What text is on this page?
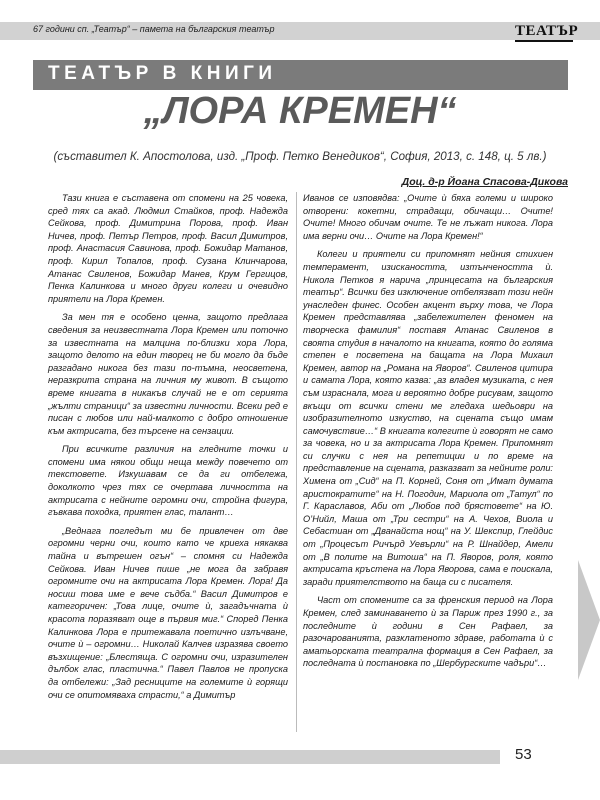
67 години сп. „Театър“ – памета на българския театър	ТЕАТЪР
ТЕАТЪР В КНИГИ
„ЛОРА КРЕМЕН“
(съставител К. Апостолова, изд. „Проф. Петко Венедиков“, София, 2013, с. 148, ц. 5 лв.)
Доц. д-р Йоана Спасова-Дикова

Тази книга е съставена от спомени на 25 човека, сред тях са акад. Людмил Стайков, проф. Надежда Сейкова, проф. Димитрина Порова, проф. Иван Ничев, проф. Петър Петров, проф. Васил Димитров, проф. Анастасия Савинова, проф. Божидар Матанов, проф. Кирил Топалов, проф. Сузана Клинчарова, Атанас Свиленов, Божидар Манев, Крум Гергицов, Пенка Калинкова и много други колеги и очевидно приятели на Лора Кремен.

За мен тя е особено ценна, защото предлага сведения за неизвестната Лора Кремен или поточно за известната на малцина по-близки хора Лора, защото делото на един творец не би могло да бъде разгадано никога без тази по-тъмна, неосветена, неразкрита страна на личния му живот. В същото време книгата в никакъв случай не е от серията „жълти страници“ за известни личности. Всеки ред е писан с любов или най-малкото с добро отношение към актрисата, без търсене на сензации.

При всичките различия на гледните точки и спомени има някои общи неща между повечето от текстовете. Изкушавам се да ги отбележа, доколкото чрез тях се очертава личността на актрисата с нейните огромни очи, стройна фигура, гъвкава походка, приятен глас, талант…

„Веднага погледът ми бе привлечен от две огромни черни очи, които като че криеха някаква тайна и вътрешен огън“ – спомня си Надежда Сейкова. Иван Ничев пише „не мога да забравя огромните очи на актрисата Лора Кремен. Лора! Да носиш това име е вече съдба.“ Васил Димитров е категоричен: „Това лице, очите ѝ, загадъчната ѝ красота поразяват още в първия миг.“ Според Пенка Калинкова Лора е притежавала поетично излъчване, очите ѝ – огромни… Николай Калчев изразява своето възхищение: „Блестяща. С огромни очи, изразителен дълбок глас, пластична.“ Павел Павлов не пропуска да отбележи: „Зад ресниците на големите ѝ горящи очи се опитомяваха страсти,“ а Димитър

Иванов се изповядва: „Очите ѝ бяха големи и широко отворени: кокетни, страдащи, обичащи… Очите! Очите! Много обичам очите. Те не лъжат никога. Лора има верни очи… Очите на Лора Кремен!“

Колеги и приятели си припомнят нейния стихиен темперамент, изискаността, изтънчеността ѝ. Никола Петков я нарича „принцесата на българския театър“. Всички без изключение отбелязват този нейн унаследен финес. Особен акцент върху това, че Лора Кремен представлява „забележителен феномен на творческа фамилия“ поставя Атанас Свиленов в своята студия в началото на книгата, която до голяма степен е посветена на бащата на Лора Михаил Кремен, автор на „Романа на Яворов“. Свиленов цитира и самата Лора, която казва: „аз владея музиката, с нея съм израснала, мога и вероятно добре рисувам, защото вкъщи от всички стени ме гледаха шедьоври на изобразителното изкуство, на сцената също имам самочувствие…“ В книгата колегите ѝ говорят не само за човека, но и за актрисата Лора Кремен. Припомнят си случки с нея на репетиции и по време на представление на сцената, разказват за нейните роли: Химена от „Сид“ на П. Корней, Соня от „Имат думата аристократите“ на Н. Погодин, Мариола от „Татул“ по Г. Караславов, Аби от „Любов под брястовете“ на Ю. О’Нийл, Маша от „Три сестри“ на А. Чехов, Виола и Себастиан от „Дванайста нощ“ на У. Шекспир, Глейдис от „Процесът Ричърд Уевърли“ на Р. Шнайдер, Амели от „В полите на Витоша“ на П. Яворов, роля, която актрисата кръстена на Лора Яворова, сама е поискала, заради приятелството на баща си с писателя.

Част от спомените са за френския период на Лора Кремен, след заминаването ѝ за Париж през 1990 г., за последните ѝ години в Сен Рафаел, за разочарованията, разклатеното здраве, работата ѝ с аматьорската театрална формация в Сен Рафаел, за последната ѝ постановка по „Шербургските чадъри“…

53
